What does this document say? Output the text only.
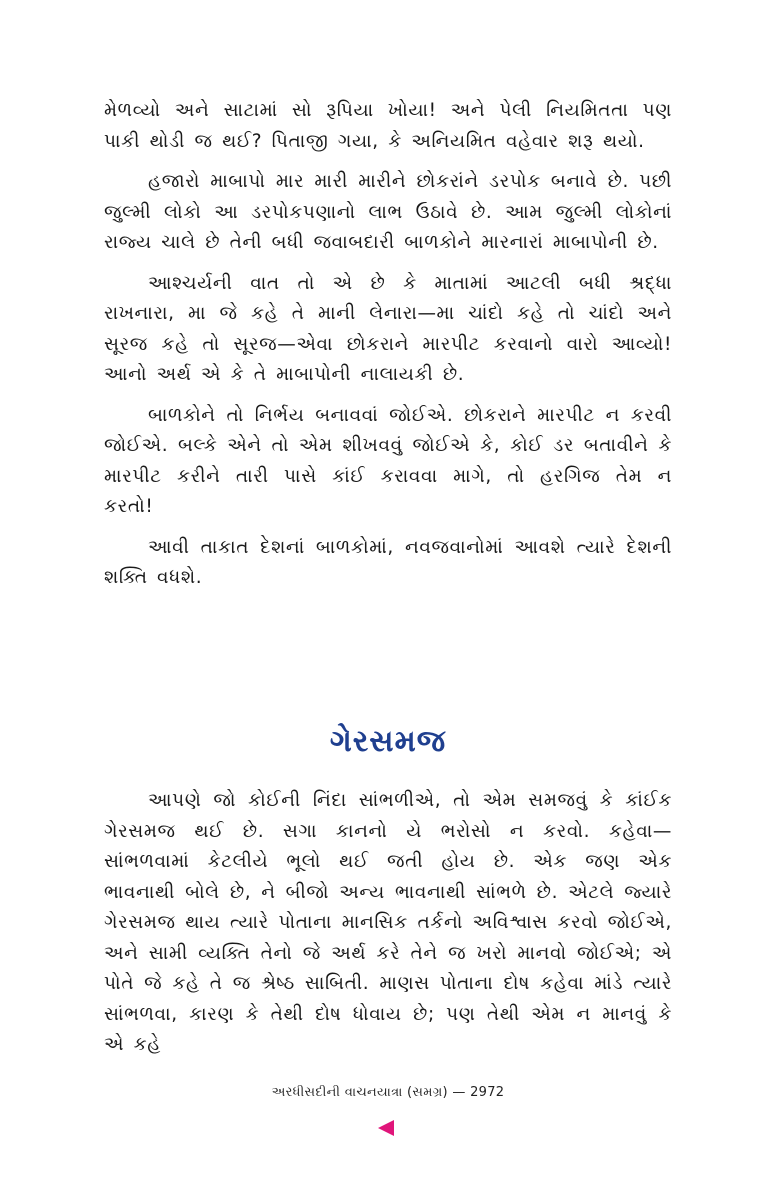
મેળવ્યો અને સાટામાં સો રૂપિયા ખોયા! અને પેલી નિયમિતતા પણ પાકી થોડી જ થઈ? પિતાજી ગયા, કે અનિયમિત વહેવાર શરૂ થયો.

હજારો માબાપો માર મારી મારીને છોકરાંને ડરપોક બનાવે છે. પછી જુલ્મી લોકો આ ડરપોકપણાનો લાભ ઉઠાવે છે. આમ જુલ્મી લોકોનાં રાજ્ય ચાલે છે તેની બધી જવાબદારી બાળકોને મારનારાં માબાપોની છે.

આશ્ચર્યની વાત તો એ છે કે માતામાં આટલી બધી શ્રદ્ધા રાખનારા, મા જે કહે તે માની લેનારા—મા ચાંદો કહે તો ચાંદો અને સૂરજ કહે તો સૂરજ—એવા છોકરાને મારપીટ કરવાનો વારો આવ્યો! આનો અર્થ એ કે તે માબાપોની નાલાયકી છે.

બાળકોને તો નિર્ભય બનાવવાં જોઈએ. છોકરાને મારપીટ ન કરવી જોઈએ. બલ્કે એને તો એમ શીખવવું જોઈએ કે, કોઈ ડર બતાવીને કે મારપીટ કરીને તારી પાસે કાંઈ કરાવવા માગે, તો હરગિજ તેમ ન કરતો!

આવી તાકાત દેશનાં બાળકોમાં, નવજવાનોમાં આવશે ત્યારે દેશની શક્તિ વધશે.

ગેરસમજ

આપણે જો કોઈની નિંદા સાંભળીએ, તો એમ સમજવું કે કાંઈક ગેરસમજ થઈ છે. સગા કાનનો યે ભરોસો ન કરવો. કહેવા—સાંભળવામાં કેટલીયે ભૂલો થઈ જતી હોય છે. એક જણ એક ભાવનાથી બોલે છે, ને બીજો અન્ય ભાવનાથી સાંભળે છે. એટલે જ્યારે ગેરસમજ થાય ત્યારે પોતાના માનસિક તર્કનો અવિશ્વાસ કરવો જોઈએ, અને સામી વ્યક્તિ તેનો જે અર્થ કરે તેને જ ખરો માનવો જોઈએ; એ પોતે જે કહે તે જ શ્રેષ્ઠ સાબિતી. માણસ પોતાના દોષ કહેવા માંડે ત્યારે સાંભળવા, કારણ કે તેથી દોષ ધોવાય છે; પણ તેથી એમ ન માનવું કે એ કહે

અરધીસદીની વાચનયાત્રા (સમગ્ર) — 2972
